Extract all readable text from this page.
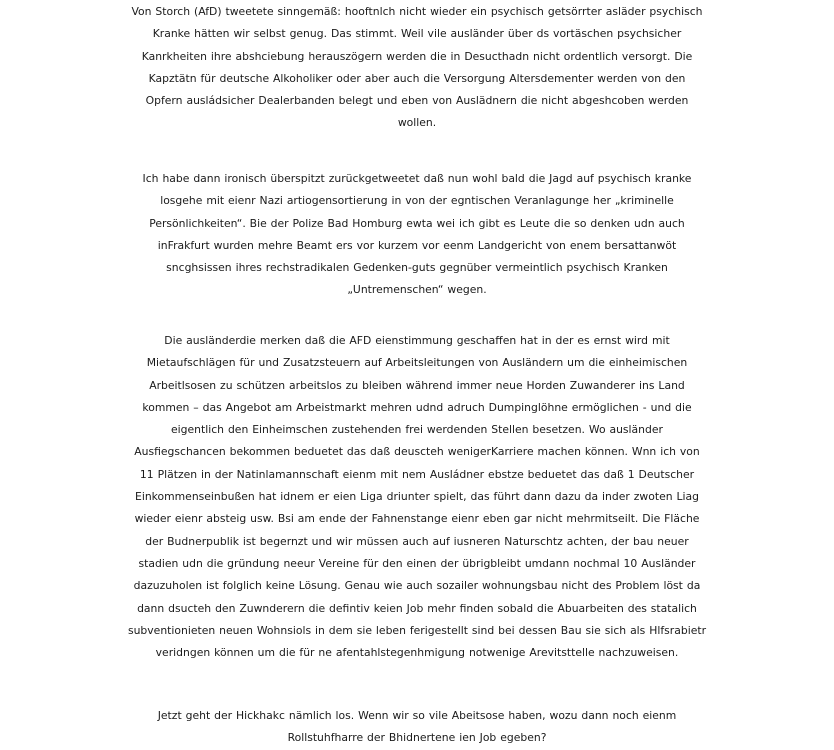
Von Storch (AfD) tweetete sinngemäß: hooftnlch nicht wieder ein psychisch getsörrter asläder psychisch
Kranke hätten wir selbst genug. Das stimmt. Weil vile ausländer über ds vortäschen psychsicher
Kanrkheiten ihre abshciebung herauszögern werden die in Desucthadn nicht ordentlich versorgt. Die
Kapztätn für deutsche Alkoholiker oder aber auch die Versorgung Altersdementer werden von den
Opfern ausládsicher Dealerbanden belegt und eben von Auslädnern die nicht abgeshcoben werden
wollen.

Ich habe dann ironisch überspitzt zurückgetweetet daß nun wohl bald die Jagd auf psychisch kranke
losgehe mit eienr Nazi artiogensortierung in von der egntischen Veranlagunge her „kriminelle
Persönlichkeiten“. Bie der Polize Bad Homburg ewta wei ich gibt es Leute die so denken udn auch
inFrakfurt wurden mehre Beamt ers vor kurzem vor eenm Landgericht von enem bersattanwöt
sncghsissen ihres rechstradikalen Gedenken-guts gegnüber vermeintlich psychisch Kranken
„Untremenschen“ wegen.

Die ausländerdie merken daß die AFD eienstimmung geschaffen hat in der es ernst wird mit
Mietaufschlägen für und Zusatzsteuern auf Arbeitsleitungen von Ausländern um die einheimischen
Arbeitlsosen zu schützen arbeitslos zu bleiben während immer neue Horden Zuwanderer ins Land
kommen – das Angebot am Arbeistmarkt mehren udnd adruch Dumpinglöhne ermöglichen - und die
eigentlich den Einheimschen zustehenden frei werdenden Stellen besetzen. Wo ausländer
Ausfiegschancen bekommen beduetet das daß deuscteh wenigerKarriere machen können. Wnn ich von
11 Plätzen in der Natinlamannschaft eienm mit nem Ausládner ebstze beduetet das daß 1 Deutscher
Einkommenseinbußen hat idnem er eien Liga driunter spielt, das führt dann dazu da inder zwoten Liag
wieder eienr absteig usw. Bsi am ende der Fahnenstange eienr eben gar nicht mehrmitseilt. Die Fläche
der Budnerpublik ist begernzt und wir müssen auch auf iusneren Naturschtz achten, der bau neuer
stadien udn die gründung neeur Vereine für den einen der übrigbleibt umdann nochmal 10 Ausländer
dazuzuholen ist folglich keine Lösung. Genau wie auch sozailer wohnungsbau nicht des Problem löst da
dann dsucteh den Zuwnderern die defintiv keien Job mehr finden sobald die Abuarbeiten des statalich
subventionieten neuen Wohnsiols in dem sie leben ferigestellt sind bei dessen Bau sie sich als Hlfsrabietr
veridngen können um die für ne afentahlstegenhmigung notwenige Arevitsttelle nachzuweisen.

Jetzt geht der Hickhakc nämlich los. Wenn wir so vile Abeitsose haben, wozu dann noch eienm
Rollstuhfharre der Bhidnertene ien Job egeben?
